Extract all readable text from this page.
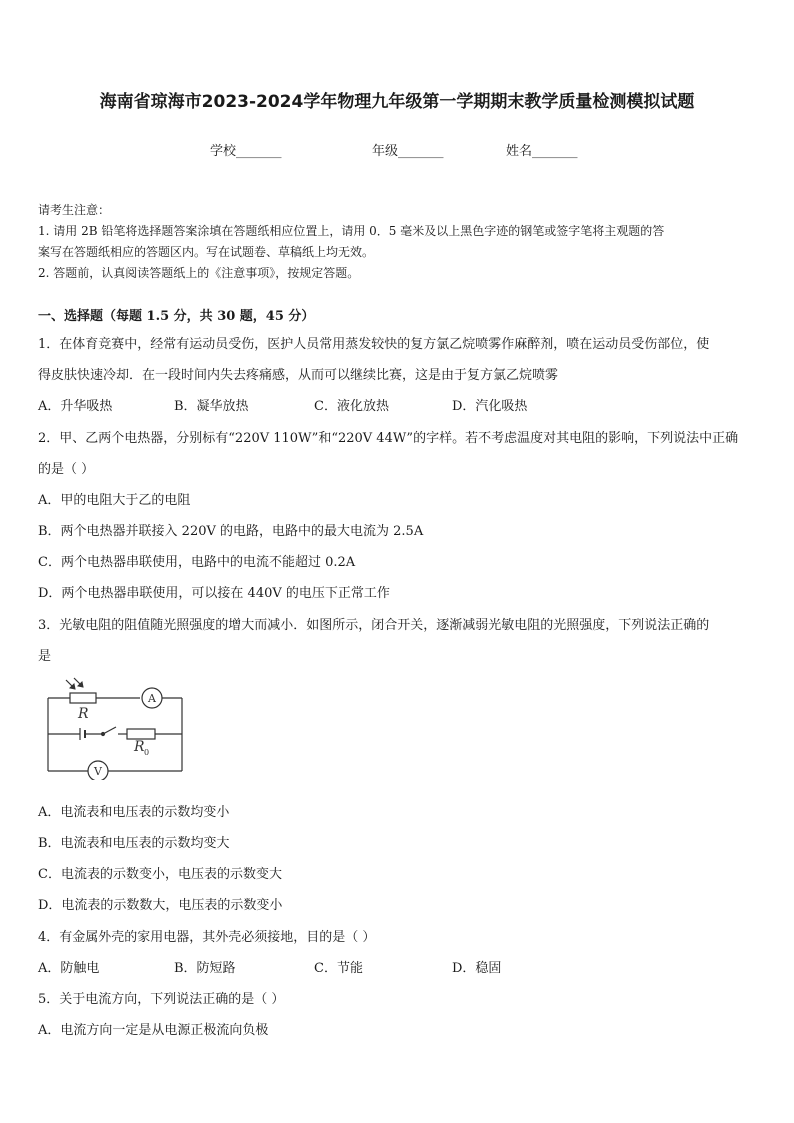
海南省琼海市2023-2024学年物理九年级第一学期期末教学质量检测模拟试题
学校_______	年级_______	姓名_______
请考生注意：
1. 请用 2B 铅笔将选择题答案涂填在答题纸相应位置上，请用 0．5 毫米及以上黑色字迹的钢笔或签字笔将主观题的答
案写在答题纸相应的答题区内。写在试题卷、草稿纸上均无效。
2. 答题前，认真阅读答题纸上的《注意事项》，按规定答题。
一、选择题（每题 1.5 分，共 30 题，45 分）
1．在体育竞赛中，经常有运动员受伤，医护人员常用蒸发较快的复方氯乙烷喷雾作麻醉剂，喷在运动员受伤部位，使
得皮肤快速冷却．在一段时间内失去疼痛感，从而可以继续比赛，这是由于复方氯乙烷喷雾
A．升华吸热	B．凝华放热	C．液化放热	D．汽化吸热
2．甲、乙两个电热器，分别标有“220V 110W”和“220V 44W”的字样。若不考虑温度对其电阻的影响，下列说法中正确
的是（ ）
A．甲的电阻大于乙的电阻
B．两个电热器并联接入 220V 的电路，电路中的最大电流为 2.5A
C．两个电热器串联使用，电路中的电流不能超过 0.2A
D．两个电热器串联使用，可以接在 440V 的电压下正常工作
3．光敏电阻的阻值随光照强度的增大而减小．如图所示，闭合开关，逐渐减弱光敏电阻的光照强度，下列说法正确的
是
R
R 0
A
V
A．电流表和电压表的示数均变小
B．电流表和电压表的示数均变大
C．电流表的示数变小，电压表的示数变大
D．电流表的示数数大，电压表的示数变小
4．有金属外壳的家用电器，其外壳必须接地，目的是（ ）
A．防触电	B．防短路	C．节能	D．稳固
5．关于电流方向，下列说法正确的是（ ）
A．电流方向一定是从电源正极流向负极
